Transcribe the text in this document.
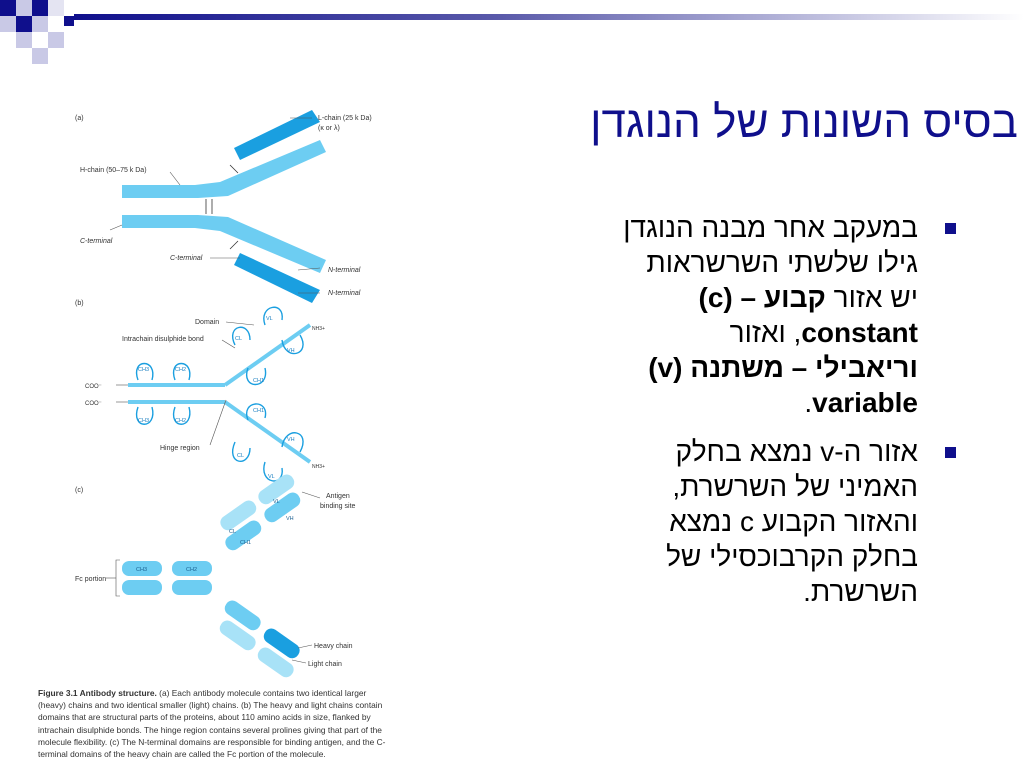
בסיס השונות של הנוגדן
במעקב אחר מבנה הנוגדן
גילו שלשתי השרשראות
יש אזור קבוע – (c)
constant, ואזור
וריאבילי – משתנה (v)
variable.
אזור ה-v נמצא בחלק
האמיני של השרשרת,
והאזור הקבוע c נמצא
בחלק הקרבוכסילי של
השרשרת.
(a)	L-chain (25 k Da)
(κ or λ)
H-chain (50–75 k Da)
C-terminal
C-terminal
N-terminal
N-terminal
(b)
CH3	CH2
CH3	CH2
CL
VL
CH1
VH
CH1
VH
CL
VL
Domain
Intrachain disulphide bond
COO⁻
COO⁻
Hinge region
NH3+
NH3+
(c)
CH3	CH2
CL
VL
CH1
VH
Antigen
binding site
Fc portion
Heavy chain
Light chain
Figure 3.1 Antibody structure. (a) Each antibody molecule contains two identical larger
(heavy) chains and two identical smaller (light) chains. (b) The heavy and light chains contain
domains that are structural parts of the proteins, about 110 amino acids in size, flanked by
intrachain disulphide bonds. The hinge region contains several prolines giving that part of the
molecule flexibility. (c) The N-terminal domains are responsible for binding antigen, and the C-
terminal domains of the heavy chain are called the Fc portion of the molecule.
